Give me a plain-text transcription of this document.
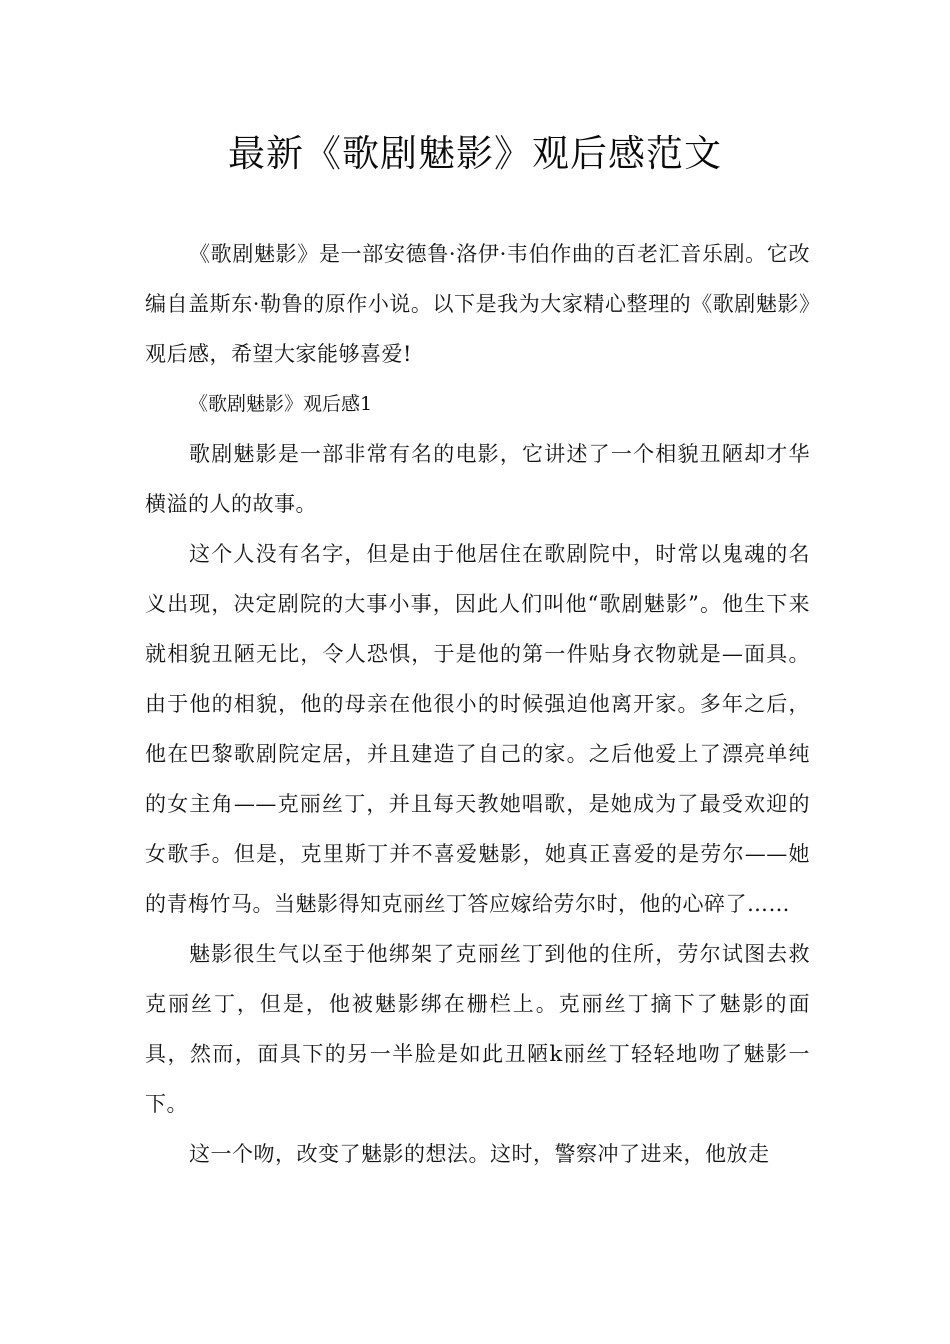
最新《歌剧魅影》观后感范文

《歌剧魅影》是一部安德鲁·洛伊·韦伯作曲的百老汇音乐剧。它改编自盖斯东·勒鲁的原作小说。以下是我为大家精心整理的《歌剧魅影》观后感，希望大家能够喜爱!

《歌剧魅影》观后感1

歌剧魅影是一部非常有名的电影，它讲述了一个相貌丑陋却才华横溢的人的故事。

这个人没有名字，但是由于他居住在歌剧院中，时常以鬼魂的名义出现，决定剧院的大事小事，因此人们叫他“歌剧魅影”。他生下来就相貌丑陋无比，令人恐惧，于是他的第一件贴身衣物就是—面具。由于他的相貌，他的母亲在他很小的时候强迫他离开家。多年之后，他在巴黎歌剧院定居，并且建造了自己的家。之后他爱上了漂亮单纯的女主角——克丽丝丁，并且每天教她唱歌，是她成为了最受欢迎的女歌手。但是，克里斯丁并不喜爱魅影，她真正喜爱的是劳尔——她的青梅竹马。当魅影得知克丽丝丁答应嫁给劳尔时，他的心碎了……

魅影很生气以至于他绑架了克丽丝丁到他的住所，劳尔试图去救克丽丝丁，但是，他被魅影绑在栅栏上。克丽丝丁摘下了魅影的面具，然而，面具下的另一半脸是如此丑陋k丽丝丁轻轻地吻了魅影一下。

这一个吻，改变了魅影的想法。这时，警察冲了进来，他放走
